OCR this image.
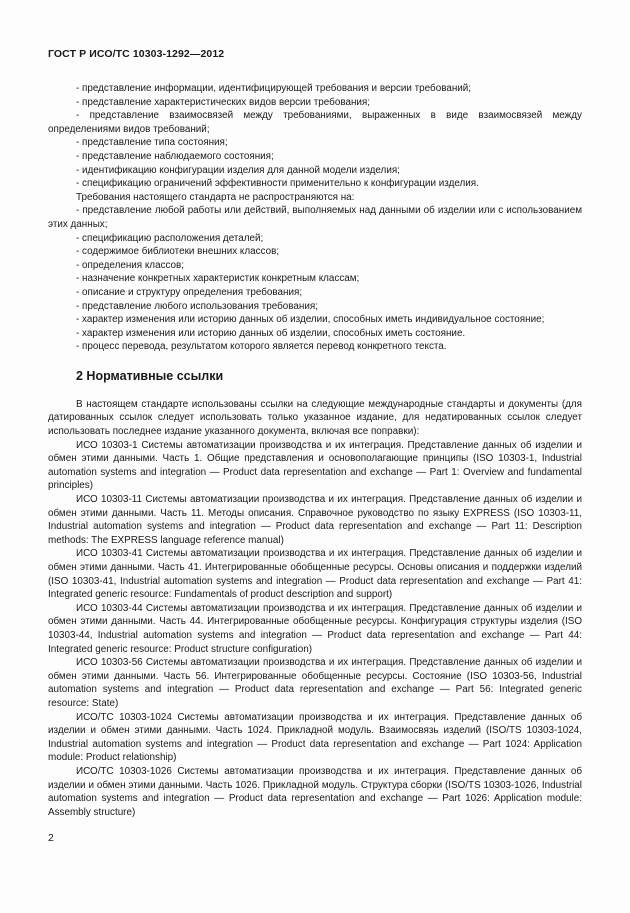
ГОСТ Р ИСО/ТС 10303-1292—2012

- представление информации, идентифицирующей требования и версии требований;

- представление характеристических видов версии требования;

- представление взаимосвязей между требованиями, выраженных в виде взаимосвязей между определениями видов требований;

- представление типа состояния;

- представление наблюдаемого состояния;

- идентификацию конфигурации изделия для данной модели изделия;

- спецификацию ограничений эффективности применительно к конфигурации изделия.

Требования настоящего стандарта не распространяются на:

- представление любой работы или действий, выполняемых над данными об изделии или с использованием этих данных;

- спецификацию расположения деталей;

- содержимое библиотеки внешних классов;

- определения классов;

- назначение конкретных характеристик конкретным классам;

- описание и структуру определения требования;

- представление любого использования требования;

- характер изменения или историю данных об изделии, способных иметь индивидуальное состояние;

- характер изменения или историю данных об изделии, способных иметь состояние.

- процесс перевода, результатом которого является перевод конкретного текста.

2 Нормативные ссылки

В настоящем стандарте использованы ссылки на следующие международные стандарты и документы (для датированных ссылок следует использовать только указанное издание, для недатированных ссылок следует использовать последнее издание указанного документа, включая все поправки):

ИСО 10303-1 Системы автоматизации производства и их интеграция. Представление данных об изделии и обмен этими данными. Часть 1. Общие представления и основополагающие принципы (ISO 10303-1, Industrial automation systems and integration — Product data representation and exchange — Part 1: Overview and fundamental principles)

ИСО 10303-11 Системы автоматизации производства и их интеграция. Представление данных об изделии и обмен этими данными. Часть 11. Методы описания. Справочное руководство по языку EXPRESS (ISO 10303-11, Industrial automation systems and integration — Product data representation and exchange — Part 11: Description methods: The EXPRESS language reference manual)

ИСО 10303-41 Системы автоматизации производства и их интеграция. Представление данных об изделии и обмен этими данными. Часть 41. Интегрированные обобщенные ресурсы. Основы описания и поддержки изделий (ISO 10303-41, Industrial automation systems and integration — Product data representation and exchange — Part 41: Integrated generic resource: Fundamentals of product description and support)

ИСО 10303-44 Системы автоматизации производства и их интеграция. Представление данных об изделии и обмен этими данными. Часть 44. Интегрированные обобщенные ресурсы. Конфигурация структуры изделия (ISO 10303-44, Industrial automation systems and integration — Product data representation and exchange — Part 44: Integrated generic resource: Product structure configuration)

ИСО 10303-56 Системы автоматизации производства и их интеграция. Представление данных об изделии и обмен этими данными. Часть 56. Интегрированные обобщенные ресурсы. Состояние (ISO 10303-56, Industrial automation systems and integration — Product data representation and exchange — Part 56: Integrated generic resource: State)

ИСО/ТС 10303-1024 Системы автоматизации производства и их интеграция. Представление данных об изделии и обмен этими данными. Часть 1024. Прикладной модуль. Взаимосвязь изделий (ISO/TS 10303-1024, Industrial automation systems and integration — Product data representation and exchange — Part 1024: Application module: Product relationship)

ИСО/ТС 10303-1026 Системы автоматизации производства и их интеграция. Представление данных об изделии и обмен этими данными. Часть 1026. Прикладной модуль. Структура сборки (ISO/TS 10303-1026, Industrial automation systems and integration — Product data representation and exchange — Part 1026: Application module: Assembly structure)

2
